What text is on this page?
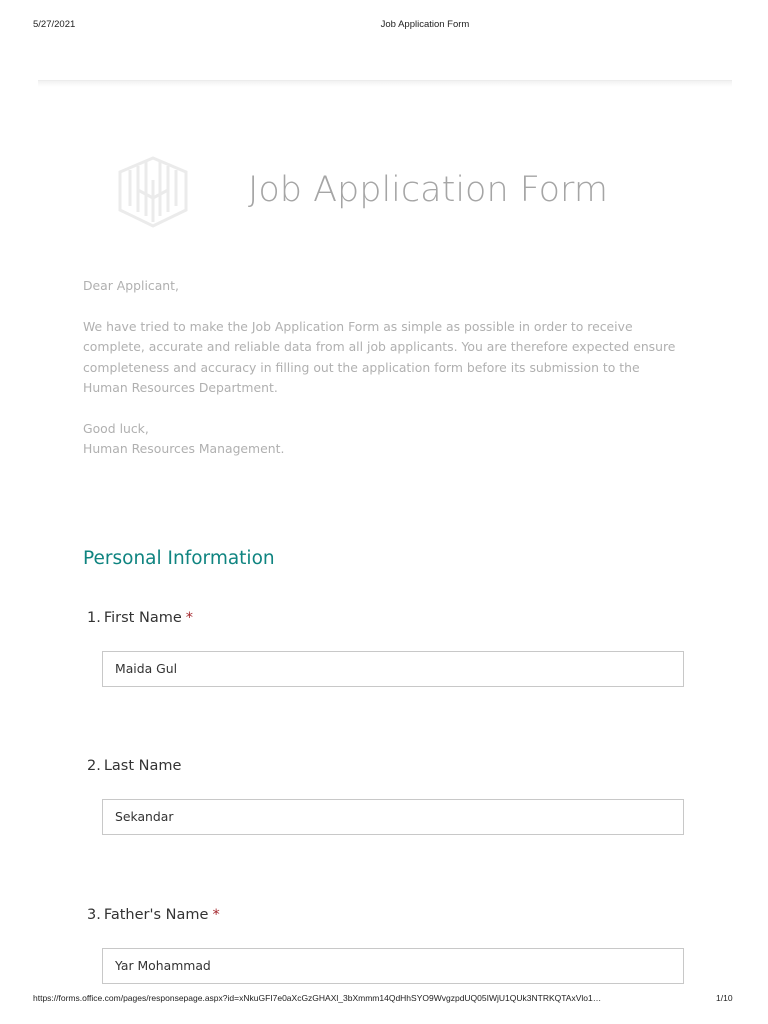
5/27/2021	Job Application Form
Job Application Form

Dear Applicant,

We have tried to make the Job Application Form as simple as possible in order to receive complete, accurate and reliable data from all job applicants. You are therefore expected ensure completeness and accuracy in filling out the application form before its submission to the Human Resources Department.

Good luck,
Human Resources Management.
Personal Information
1. First Name *
Maida Gul
2. Last Name
Sekandar
3. Father's Name *
Yar Mohammad
https://forms.office.com/pages/responsepage.aspx?id=xNkuGFI7e0aXcGzGHAXl_3bXmmm14QdHhSYO9WvgzpdUQ05IWjU1QUk3NTRKQTAxVlo1…	1/10
